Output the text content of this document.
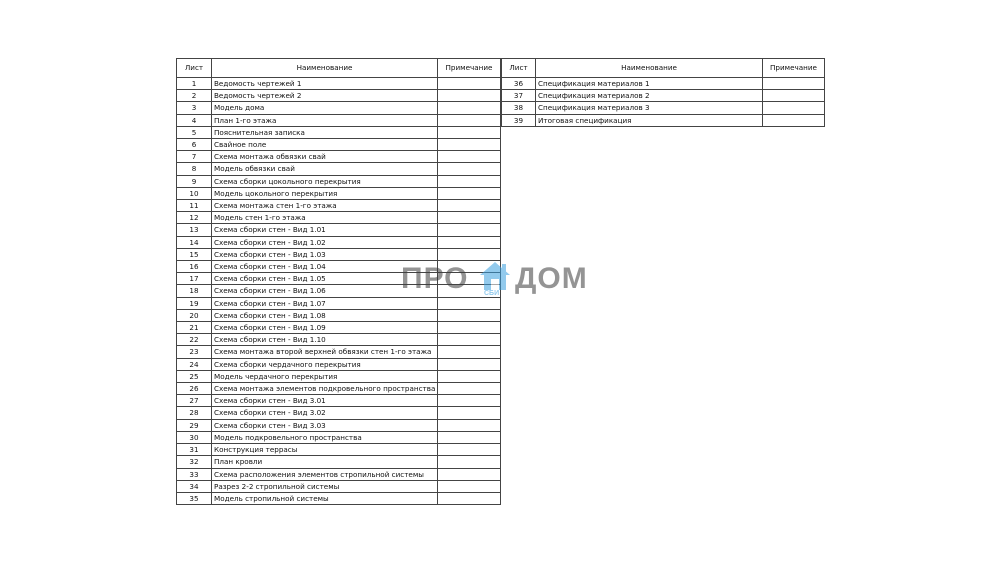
Лист	Наименование	Примечание
1	Ведомость чертежей 1	
2	Ведомость чертежей 2	
3	Модель дома	
4	План 1-го этажа	
5	Пояснительная записка	
6	Свайное поле	
7	Схема монтажа обвязки свай	
8	Модель обвязки свай	
9	Схема сборки цокольного перекрытия	
10	Модель цокольного перекрытия	
11	Схема монтажа стен 1-го этажа	
12	Модель стен 1-го этажа	
13	Схема сборки стен - Вид 1.01	
14	Схема сборки стен - Вид 1.02	
15	Схема сборки стен - Вид 1.03	
16	Схема сборки стен - Вид 1.04	
17	Схема сборки стен - Вид 1.05	
18	Схема сборки стен - Вид 1.06	
19	Схема сборки стен - Вид 1.07	
20	Схема сборки стен - Вид 1.08	
21	Схема сборки стен - Вид 1.09	
22	Схема сборки стен - Вид 1.10	
23	Схема монтажа второй верхней обвязки стен 1-го этажа	
24	Схема сборки чердачного перекрытия	
25	Модель чердачного перекрытия	
26	Схема монтажа элементов подкровельного пространства	
27	Схема сборки стен - Вид 3.01	
28	Схема сборки стен - Вид 3.02	
29	Схема сборки стен - Вид 3.03	
30	Модель подкровельного пространства	
31	Конструкция террасы	
32	План кровли	
33	Схема расположения элементов стропильной системы	
34	Разрез 2-2 стропильной системы	
35	Модель стропильной системы	
Лист	Наименование	Примечание
36	Спецификация материалов 1	
37	Спецификация материалов 2	
38	Спецификация материалов 3	
39	Итоговая спецификация	
ПРО СБИ ДОМ
